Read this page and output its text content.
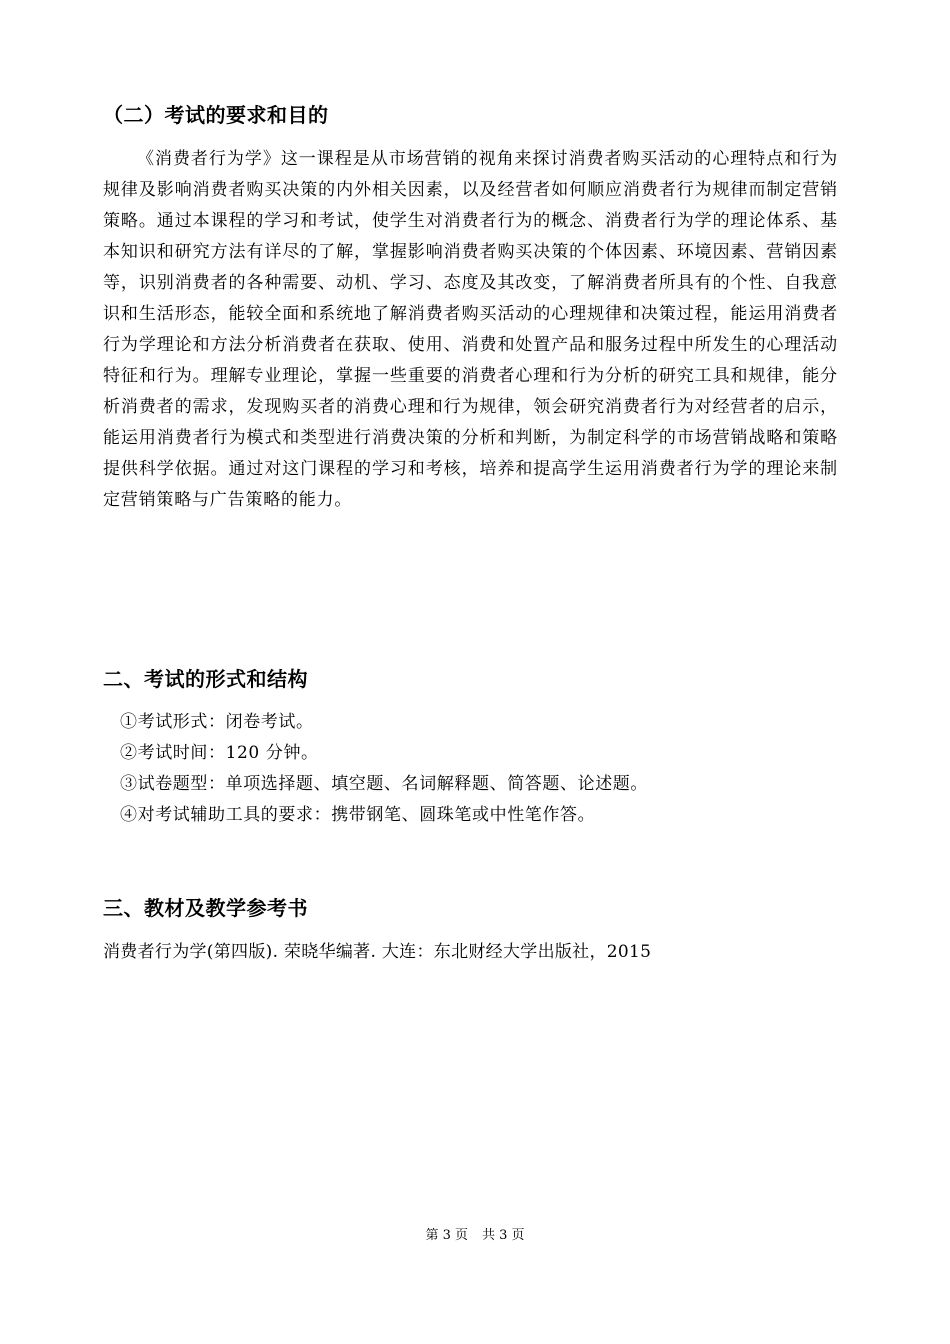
（二）考试的要求和目的

《消费者行为学》这一课程是从市场营销的视角来探讨消费者购买活动的心理特点和行为规律及影响消费者购买决策的内外相关因素，以及经营者如何顺应消费者行为规律而制定营销策略。通过本课程的学习和考试，使学生对消费者行为的概念、消费者行为学的理论体系、基本知识和研究方法有详尽的了解，掌握影响消费者购买决策的个体因素、环境因素、营销因素等，识别消费者的各种需要、动机、学习、态度及其改变，了解消费者所具有的个性、自我意识和生活形态，能较全面和系统地了解消费者购买活动的心理规律和决策过程，能运用消费者行为学理论和方法分析消费者在获取、使用、消费和处置产品和服务过程中所发生的心理活动特征和行为。理解专业理论，掌握一些重要的消费者心理和行为分析的研究工具和规律，能分析消费者的需求，发现购买者的消费心理和行为规律，领会研究消费者行为对经营者的启示，能运用消费者行为模式和类型进行消费决策的分析和判断，为制定科学的市场营销战略和策略提供科学依据。通过对这门课程的学习和考核，培养和提高学生运用消费者行为学的理论来制定营销策略与广告策略的能力。

二、考试的形式和结构
①考试形式：闭卷考试。
②考试时间：120 分钟。
③试卷题型：单项选择题、填空题、名词解释题、简答题、论述题。
④对考试辅助工具的要求：携带钢笔、圆珠笔或中性笔作答。
三、教材及教学参考书
消费者行为学(第四版). 荣晓华编著. 大连：东北财经大学出版社，2015
第 3 页 共 3 页
